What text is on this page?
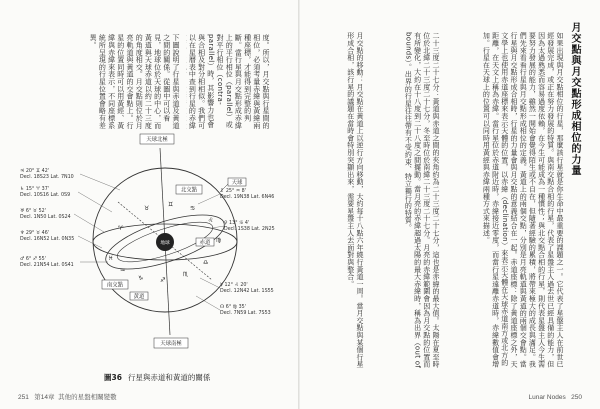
度。所以，月交點與行星間的相位，必須考量赤緯與黃緯兩種座標，才能得到完整的判斷。當行星與月交點形成赤緯上的平行相位（parallel）或對平行相位（contra-parallel）時，其影響力也會與合相及對分相相似。我們可以在星曆表中查到行星的赤緯

下圖說明了行星與赤道及黃道之間的關係。從圖中可以看見，地球位於天球的中心，而黃道與天球赤道以約二十三度的角度相交。月交點則位於月亮軌道與黃道的交會點上。行星的位置同時可以用黃經、黃緯與赤緯來表示，不同座標系統所呈現的行星位置會略有差異。

地球
♓
♒
♑	♐
♏
♎
♍
♌
♋
♊
♉
♈
天球北極
天球南極
北交點
南交點
赤道
黃道
天球
♃ 20° ♊ 42'
Decl. 18S23 Lat. 7N10
♄ 15° ♈ 37'
Decl. 10S16 Lat. 0S9
♅ 6° ♉ 52'
Decl. 1N50 Lat. 0S24
♆ 29° ♉ 46'
Decl. 16N52 Lat. 0N35
♂ 6° ♐ 55'
Decl. 21N54 Lat. 0S41
♇ 25° ♒ 8'
Decl. 19N38 Lat. 6N46
♀ 13° ♋ 4'
Decl. 1S38 Lat. 2N25
☿ 12° ♌ 20'
Decl. 12N42 Lat. 1S55
☊ 6° ♍ 35'
Decl. 7N59 Lat. 7S53
圖36 行星與赤道和黃道的關係
251 第14章 其他的星盤相關變數
月交點與月交點形成相位的力量

如果出現與月交點相位的行星，那麼該行星就是你生命中最重要的課題之一。它代表了星盤主人在前世已經發展完成，或正在努力發展的特質。與南交點合相的行星，代表了星盤主人過去世已經具備的能力，但因為太過熟悉而容易過度依賴，在今生可能成為一種慣性；與北交點合相的行星，則代表星盤主人今生需要努力發展的能力，雖然一開始會覺得陌生或不自在，但隨著經驗的累積，將帶來極大的成長與滿足。我們先來看看行星與月交點形成相位的定義。黃道上的兩個交點，分別是月亮軌道與黃道的兩個交會點。當行星與月交點形成合相時，行星的力量會與月交點的意義結合在一起。赤道座標：除了黃道座標之外，天文學上也使用赤道座標來表示天體的位置，以赤緯（declination）來表示天體在天球赤道南方或北方的距離，在天文上稱為赤緯。當行星位於赤道附近時，赤緯接近零度，而當行星遠離赤道時，赤緯數值會增加。行星在天球上的位置可以同時用黃經與赤緯兩種方式來描述。

二十三度二十七分：黃道與赤道之間的夾角約為二十三度二十七分，這也是赤緯的最大值。太陽在夏至時位於北緯二十三度二十七分，冬至時位於南緯二十三度二十七分。月亮的赤緯範圍會因為月交點的位置而有所變化，大約在十八度到二十八度之間擺動。當月亮的赤緯超過太陽的最大赤緯時，稱為出界（out of bounds）。出界的行星往往帶有不受約束、特立獨行的特質。

月交點的移動：月交點在黃道上以逆行方向移動，大約每十八點六年繞行黃道一周。當月交點與某個行星形成合相，該行星的議題在當時會特別突顯出來，需要星盤主人去面對與整合。

Lunar Nodes 250
